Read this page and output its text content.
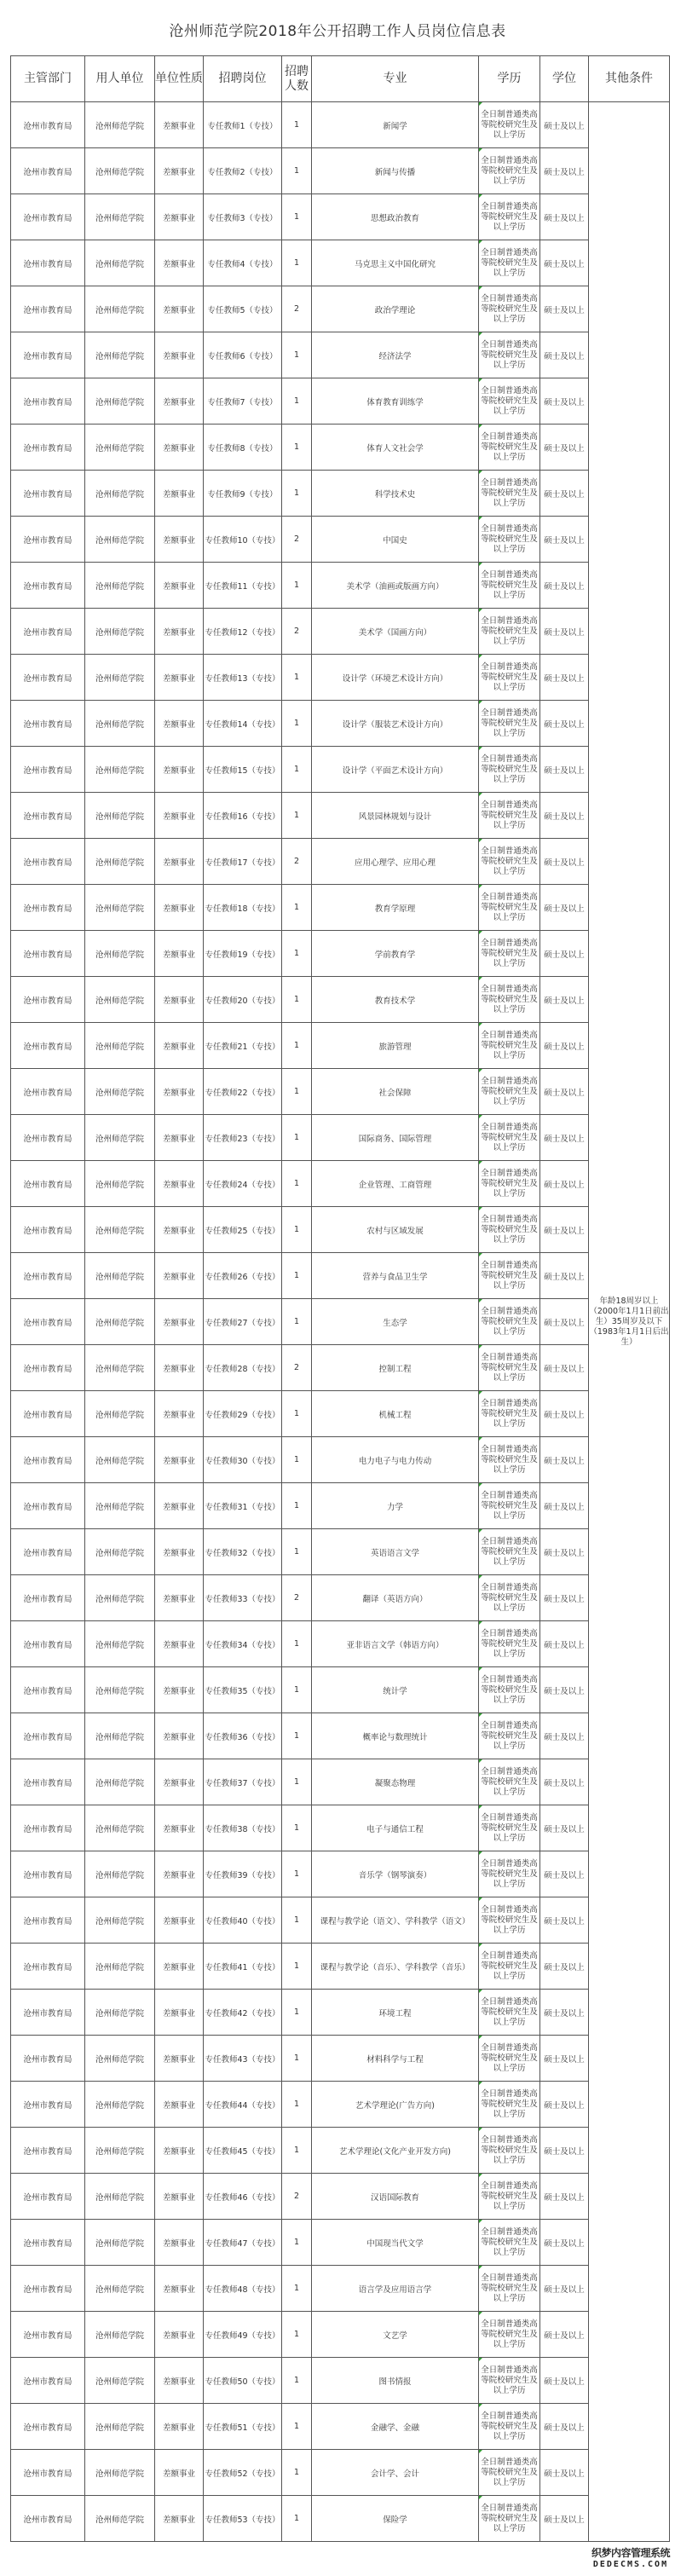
沧州师范学院2018年公开招聘工作人员岗位信息表
主管部门	用人单位	单位性质	招聘岗位	招聘人数	专业	学历	学位	其他条件
沧州市教育局	沧州师范学院	差额事业	专任教师1（专技）	1	新闻学	全日制普通类高等院校研究生及以上学历	硕士及以上	年龄18周岁以上（2000年1月1日前出生）35周岁及以下（1983年1月1日后出生）
沧州市教育局	沧州师范学院	差额事业	专任教师2（专技）	1	新闻与传播	全日制普通类高等院校研究生及以上学历	硕士及以上	
沧州市教育局	沧州师范学院	差额事业	专任教师3（专技）	1	思想政治教育	全日制普通类高等院校研究生及以上学历	硕士及以上	
沧州市教育局	沧州师范学院	差额事业	专任教师4（专技）	1	马克思主义中国化研究	全日制普通类高等院校研究生及以上学历	硕士及以上	
沧州市教育局	沧州师范学院	差额事业	专任教师5（专技）	2	政治学理论	全日制普通类高等院校研究生及以上学历	硕士及以上	
沧州市教育局	沧州师范学院	差额事业	专任教师6（专技）	1	经济法学	全日制普通类高等院校研究生及以上学历	硕士及以上	
沧州市教育局	沧州师范学院	差额事业	专任教师7（专技）	1	体育教育训练学	全日制普通类高等院校研究生及以上学历	硕士及以上	
沧州市教育局	沧州师范学院	差额事业	专任教师8（专技）	1	体育人文社会学	全日制普通类高等院校研究生及以上学历	硕士及以上	
沧州市教育局	沧州师范学院	差额事业	专任教师9（专技）	1	科学技术史	全日制普通类高等院校研究生及以上学历	硕士及以上	
沧州市教育局	沧州师范学院	差额事业	专任教师10（专技）	2	中国史	全日制普通类高等院校研究生及以上学历	硕士及以上	
沧州市教育局	沧州师范学院	差额事业	专任教师11（专技）	1	美术学（油画或版画方向）	全日制普通类高等院校研究生及以上学历	硕士及以上	
沧州市教育局	沧州师范学院	差额事业	专任教师12（专技）	2	美术学（国画方向）	全日制普通类高等院校研究生及以上学历	硕士及以上	
沧州市教育局	沧州师范学院	差额事业	专任教师13（专技）	1	设计学（环境艺术设计方向）	全日制普通类高等院校研究生及以上学历	硕士及以上	
沧州市教育局	沧州师范学院	差额事业	专任教师14（专技）	1	设计学（服装艺术设计方向）	全日制普通类高等院校研究生及以上学历	硕士及以上	
沧州市教育局	沧州师范学院	差额事业	专任教师15（专技）	1	设计学（平面艺术设计方向）	全日制普通类高等院校研究生及以上学历	硕士及以上	
沧州市教育局	沧州师范学院	差额事业	专任教师16（专技）	1	风景园林规划与设计	全日制普通类高等院校研究生及以上学历	硕士及以上	
沧州市教育局	沧州师范学院	差额事业	专任教师17（专技）	2	应用心理学、应用心理	全日制普通类高等院校研究生及以上学历	硕士及以上	
沧州市教育局	沧州师范学院	差额事业	专任教师18（专技）	1	教育学原理	全日制普通类高等院校研究生及以上学历	硕士及以上	
沧州市教育局	沧州师范学院	差额事业	专任教师19（专技）	1	学前教育学	全日制普通类高等院校研究生及以上学历	硕士及以上	
沧州市教育局	沧州师范学院	差额事业	专任教师20（专技）	1	教育技术学	全日制普通类高等院校研究生及以上学历	硕士及以上	
沧州市教育局	沧州师范学院	差额事业	专任教师21（专技）	1	旅游管理	全日制普通类高等院校研究生及以上学历	硕士及以上	
沧州市教育局	沧州师范学院	差额事业	专任教师22（专技）	1	社会保障	全日制普通类高等院校研究生及以上学历	硕士及以上	
沧州市教育局	沧州师范学院	差额事业	专任教师23（专技）	1	国际商务、国际管理	全日制普通类高等院校研究生及以上学历	硕士及以上	
沧州市教育局	沧州师范学院	差额事业	专任教师24（专技）	1	企业管理、工商管理	全日制普通类高等院校研究生及以上学历	硕士及以上	
沧州市教育局	沧州师范学院	差额事业	专任教师25（专技）	1	农村与区域发展	全日制普通类高等院校研究生及以上学历	硕士及以上	
沧州市教育局	沧州师范学院	差额事业	专任教师26（专技）	1	营养与食品卫生学	全日制普通类高等院校研究生及以上学历	硕士及以上	
沧州市教育局	沧州师范学院	差额事业	专任教师27（专技）	1	生态学	全日制普通类高等院校研究生及以上学历	硕士及以上	
沧州市教育局	沧州师范学院	差额事业	专任教师28（专技）	2	控制工程	全日制普通类高等院校研究生及以上学历	硕士及以上	
沧州市教育局	沧州师范学院	差额事业	专任教师29（专技）	1	机械工程	全日制普通类高等院校研究生及以上学历	硕士及以上	
沧州市教育局	沧州师范学院	差额事业	专任教师30（专技）	1	电力电子与电力传动	全日制普通类高等院校研究生及以上学历	硕士及以上	
沧州市教育局	沧州师范学院	差额事业	专任教师31（专技）	1	力学	全日制普通类高等院校研究生及以上学历	硕士及以上	
沧州市教育局	沧州师范学院	差额事业	专任教师32（专技）	1	英语语言文学	全日制普通类高等院校研究生及以上学历	硕士及以上	
沧州市教育局	沧州师范学院	差额事业	专任教师33（专技）	2	翻译（英语方向）	全日制普通类高等院校研究生及以上学历	硕士及以上	
沧州市教育局	沧州师范学院	差额事业	专任教师34（专技）	1	亚非语言文学（韩语方向）	全日制普通类高等院校研究生及以上学历	硕士及以上	
沧州市教育局	沧州师范学院	差额事业	专任教师35（专技）	1	统计学	全日制普通类高等院校研究生及以上学历	硕士及以上	
沧州市教育局	沧州师范学院	差额事业	专任教师36（专技）	1	概率论与数理统计	全日制普通类高等院校研究生及以上学历	硕士及以上	
沧州市教育局	沧州师范学院	差额事业	专任教师37（专技）	1	凝聚态物理	全日制普通类高等院校研究生及以上学历	硕士及以上	
沧州市教育局	沧州师范学院	差额事业	专任教师38（专技）	1	电子与通信工程	全日制普通类高等院校研究生及以上学历	硕士及以上	
沧州市教育局	沧州师范学院	差额事业	专任教师39（专技）	1	音乐学（钢琴演奏）	全日制普通类高等院校研究生及以上学历	硕士及以上	
沧州市教育局	沧州师范学院	差额事业	专任教师40（专技）	1	课程与教学论（语文）、学科教学（语文）	全日制普通类高等院校研究生及以上学历	硕士及以上	
沧州市教育局	沧州师范学院	差额事业	专任教师41（专技）	1	课程与教学论（音乐）、学科教学（音乐）	全日制普通类高等院校研究生及以上学历	硕士及以上	
沧州市教育局	沧州师范学院	差额事业	专任教师42（专技）	1	环境工程	全日制普通类高等院校研究生及以上学历	硕士及以上	
沧州市教育局	沧州师范学院	差额事业	专任教师43（专技）	1	材料科学与工程	全日制普通类高等院校研究生及以上学历	硕士及以上	
沧州市教育局	沧州师范学院	差额事业	专任教师44（专技）	1	艺术学理论(广告方向)	全日制普通类高等院校研究生及以上学历	硕士及以上	
沧州市教育局	沧州师范学院	差额事业	专任教师45（专技）	1	艺术学理论(文化产业开发方向)	全日制普通类高等院校研究生及以上学历	硕士及以上	
沧州市教育局	沧州师范学院	差额事业	专任教师46（专技）	2	汉语国际教育	全日制普通类高等院校研究生及以上学历	硕士及以上	
沧州市教育局	沧州师范学院	差额事业	专任教师47（专技）	1	中国现当代文学	全日制普通类高等院校研究生及以上学历	硕士及以上	
沧州市教育局	沧州师范学院	差额事业	专任教师48（专技）	1	语言学及应用语言学	全日制普通类高等院校研究生及以上学历	硕士及以上	
沧州市教育局	沧州师范学院	差额事业	专任教师49（专技）	1	文艺学	全日制普通类高等院校研究生及以上学历	硕士及以上	
沧州市教育局	沧州师范学院	差额事业	专任教师50（专技）	1	图书情报	全日制普通类高等院校研究生及以上学历	硕士及以上	
沧州市教育局	沧州师范学院	差额事业	专任教师51（专技）	1	金融学、金融	全日制普通类高等院校研究生及以上学历	硕士及以上	
沧州市教育局	沧州师范学院	差额事业	专任教师52（专技）	1	会计学、会计	全日制普通类高等院校研究生及以上学历	硕士及以上	
沧州市教育局	沧州师范学院	差额事业	专任教师53（专技）	1	保险学	全日制普通类高等院校研究生及以上学历	硕士及以上	
织梦内容管理系统
DEDECMS.COM
